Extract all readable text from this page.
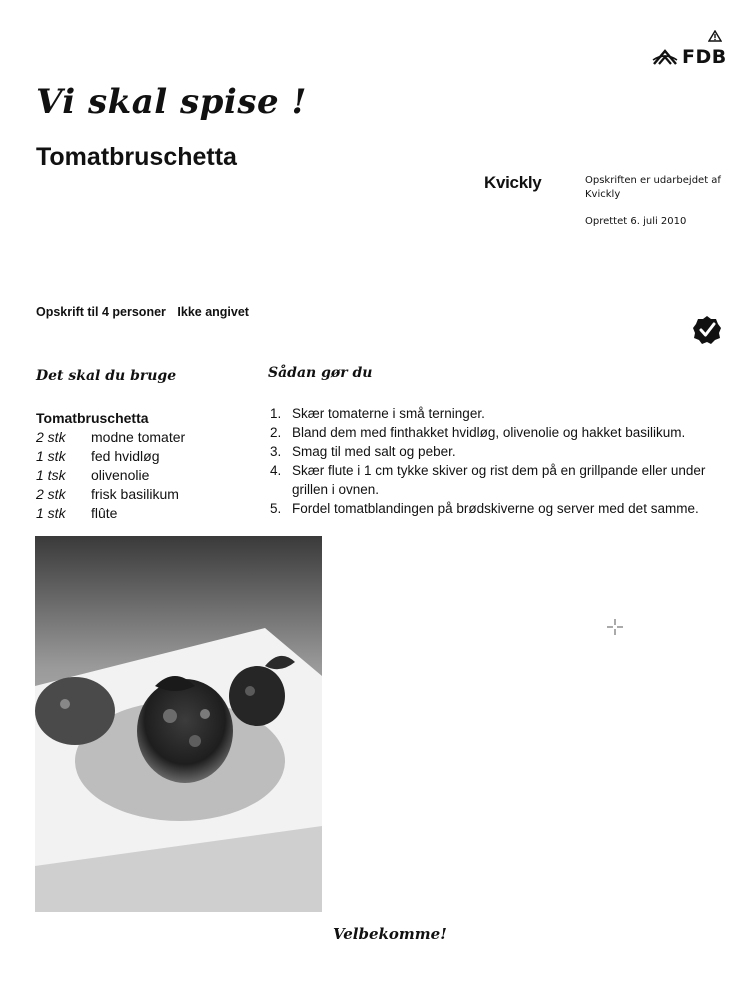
FDB
Vi skal spise !
Tomatbruschetta
Kvickly	Opskriften er udarbejdet af Kvickly
Oprettet 6. juli 2010
Opskrift til 4 personer Ikke angivet
Det skal du bruge	Sådan gør du
Tomatbruschetta
2 stk	modne tomater
1 stk	fed hvidløg
1 tsk	olivenolie
2 stk	frisk basilikum
1 stk	flûte
1. Skær tomaterne i små terninger.
2. Bland dem med finthakket hvidløg, olivenolie og hakket basilikum.
3. Smag til med salt og peber.
4. Skær flute i 1 cm tykke skiver og rist dem på en grillpande eller under grillen i ovnen.
5. Fordel tomatblandingen på brødskiverne og server med det samme.
Velbekomme!
